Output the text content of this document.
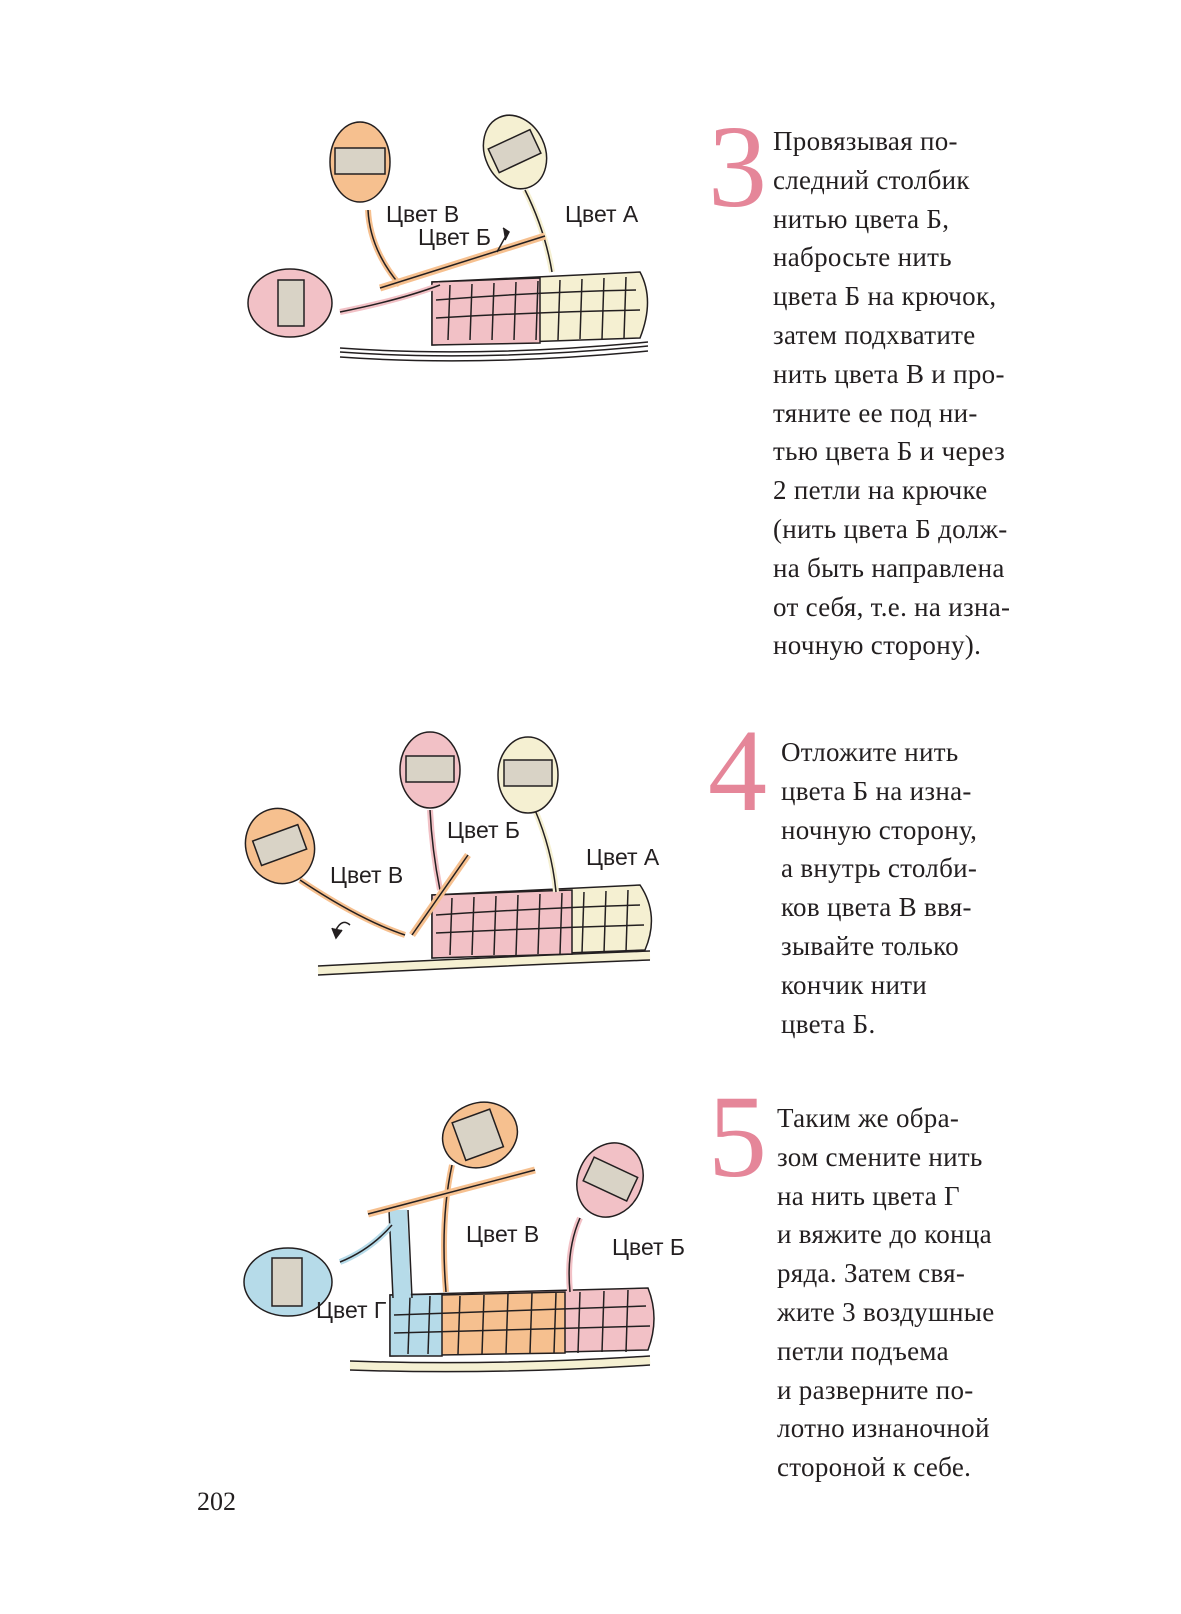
Цвет В
Цвет Б
Цвет А
Цвет Б
Цвет В
Цвет А
Цвет В	Цвет Б
Цвет Г
3 Провязывая по-
следний столбик
нитью цвета Б,
набросьте нить
цвета Б на крючок,
затем подхватите
нить цвета В и про-
тяните ее под ни-
тью цвета Б и через
2 петли на крючке
(нить цвета Б долж-
на быть направлена
от себя, т.е. на изна-
ночную сторону).
4 Отложите нить
цвета Б на изна-
ночную сторону,
а внутрь столби-
ков цвета В ввя-
зывайте только
кончик нити
цвета Б.
5 Таким же обра-
зом смените нить
на нить цвета Г
и вяжите до конца
ряда. Затем свя-
жите 3 воздушные
петли подъема
и разверните по-
лотно изнаночной
стороной к себе.
202
